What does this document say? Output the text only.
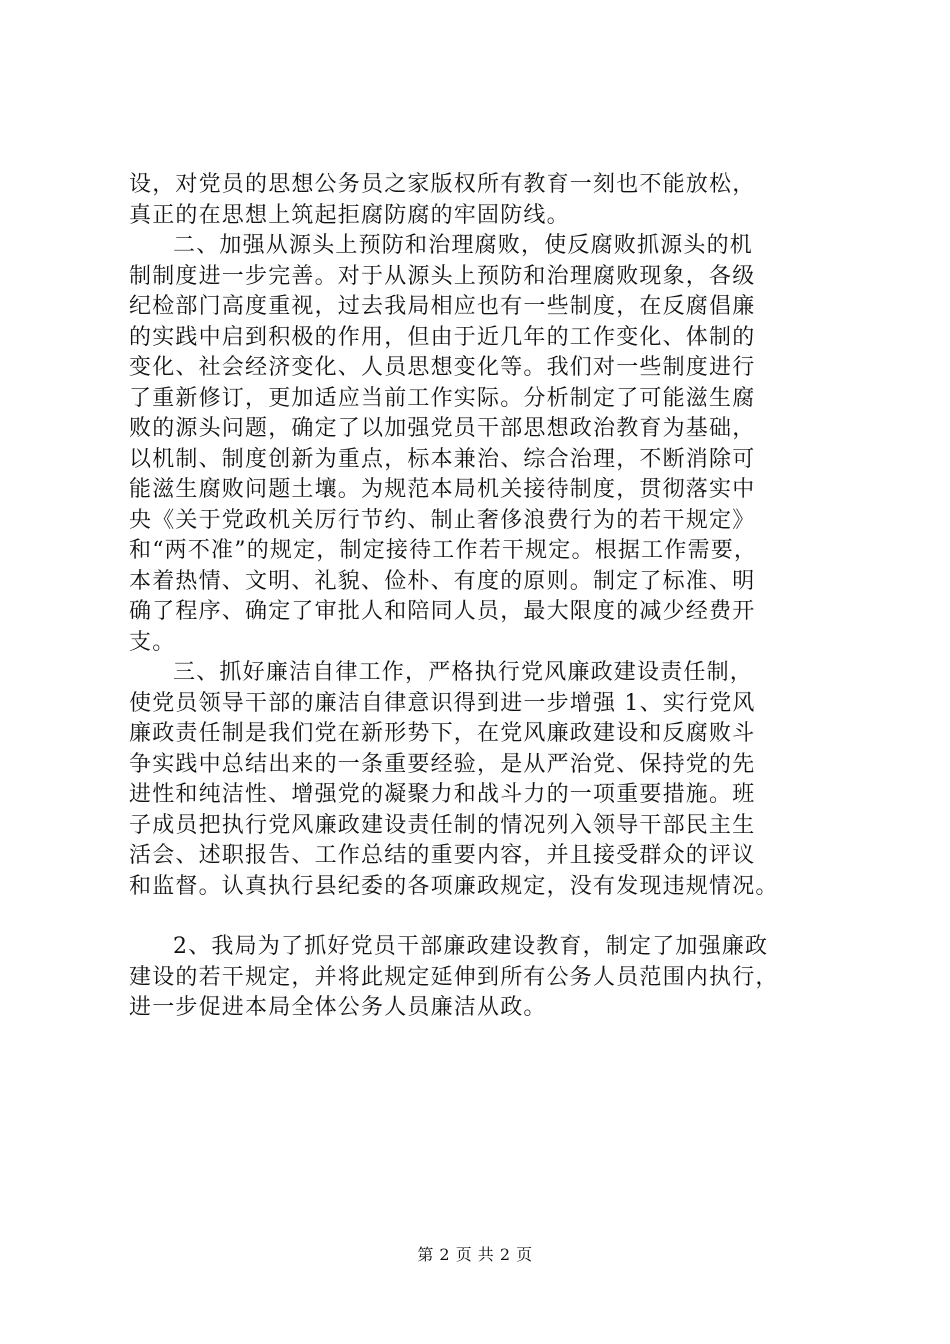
设，对党员的思想公务员之家版权所有教育一刻也不能放松，
真正的在思想上筑起拒腐防腐的牢固防线。

二、加强从源头上预防和治理腐败，使反腐败抓源头的机
制制度进一步完善。对于从源头上预防和治理腐败现象，各级
纪检部门高度重视，过去我局相应也有一些制度，在反腐倡廉
的实践中启到积极的作用，但由于近几年的工作变化、体制的
变化、社会经济变化、人员思想变化等。我们对一些制度进行
了重新修订，更加适应当前工作实际。分析制定了可能滋生腐
败的源头问题，确定了以加强党员干部思想政治教育为基础，
以机制、制度创新为重点，标本兼治、综合治理，不断消除可
能滋生腐败问题土壤。为规范本局机关接待制度，贯彻落实中
央《关于党政机关厉行节约、制止奢侈浪费行为的若干规定》
和“两不准”的规定，制定接待工作若干规定。根据工作需要，
本着热情、文明、礼貌、俭朴、有度的原则。制定了标准、明
确了程序、确定了审批人和陪同人员，最大限度的减少经费开
支。

三、抓好廉洁自律工作，严格执行党风廉政建设责任制，
使党员领导干部的廉洁自律意识得到进一步增强 1、实行党风
廉政责任制是我们党在新形势下，在党风廉政建设和反腐败斗
争实践中总结出来的一条重要经验，是从严治党、保持党的先
进性和纯洁性、增强党的凝聚力和战斗力的一项重要措施。班
子成员把执行党风廉政建设责任制的情况列入领导干部民主生
活会、述职报告、工作总结的重要内容，并且接受群众的评议
和监督。认真执行县纪委的各项廉政规定，没有发现违规情况。

2、我局为了抓好党员干部廉政建设教育，制定了加强廉政
建设的若干规定，并将此规定延伸到所有公务人员范围内执行，
进一步促进本局全体公务人员廉洁从政。

第 2 页 共 2 页
